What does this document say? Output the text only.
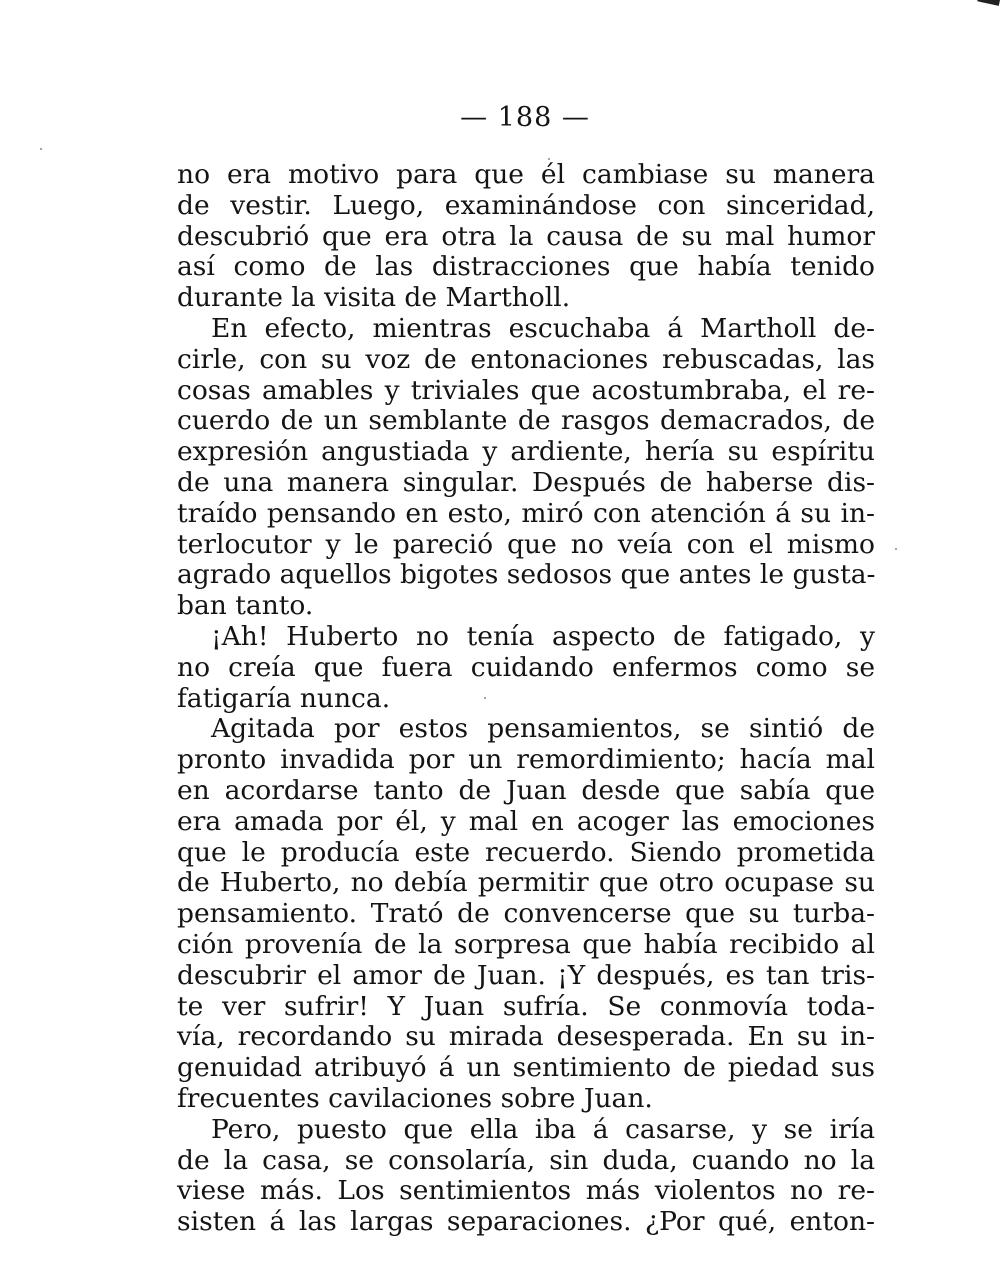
— 188 —
no era motivo para que él cambiase su manera
de vestir. Luego, examinándose con sinceridad,
descubrió que era otra la causa de su mal humor
así como de las distracciones que había tenido
durante la visita de Martholl.
En efecto, mientras escuchaba á Martholl de-
cirle, con su voz de entonaciones rebuscadas, las
cosas amables y triviales que acostumbraba, el re-
cuerdo de un semblante de rasgos demacrados, de
expresión angustiada y ardiente, hería su espíritu
de una manera singular. Después de haberse dis-
traído pensando en esto, miró con atención á su in-
terlocutor y le pareció que no veía con el mismo
agrado aquellos bigotes sedosos que antes le gusta-
ban tanto.
¡Ah! Huberto no tenía aspecto de fatigado, y
no creía que fuera cuidando enfermos como se
fatigaría nunca.
Agitada por estos pensamientos, se sintió de
pronto invadida por un remordimiento; hacía mal
en acordarse tanto de Juan desde que sabía que
era amada por él, y mal en acoger las emociones
que le producía este recuerdo. Siendo prometida
de Huberto, no debía permitir que otro ocupase su
pensamiento. Trató de convencerse que su turba-
ción provenía de la sorpresa que había recibido al
descubrir el amor de Juan. ¡Y después, es tan tris-
te ver sufrir! Y Juan sufría. Se conmovía toda-
vía, recordando su mirada desesperada. En su in-
genuidad atribuyó á un sentimiento de piedad sus
frecuentes cavilaciones sobre Juan.
Pero, puesto que ella iba á casarse, y se iría
de la casa, se consolaría, sin duda, cuando no la
viese más. Los sentimientos más violentos no re-
sisten á las largas separaciones. ¿Por qué, enton-
